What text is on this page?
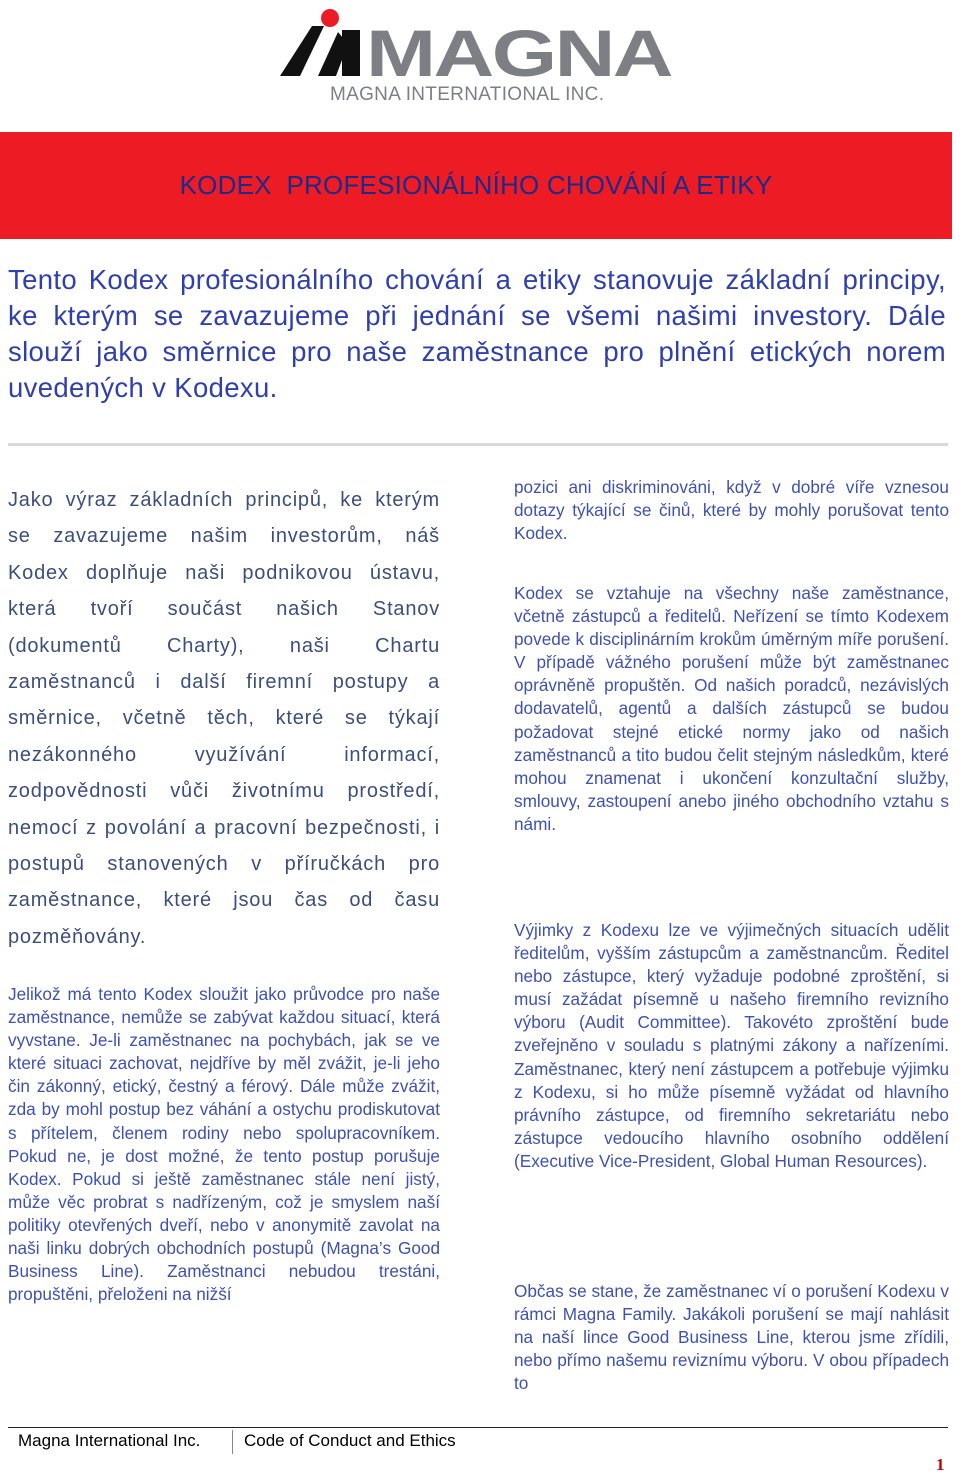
MAGNA
MAGNA INTERNATIONAL INC.
KODEX  PROFESIONÁLNÍHO CHOVÁNÍ A ETIKY
Tento Kodex profesionálního chování a etiky stanovuje základní principy, ke kterým se zavazujeme při jednání se všemi našimi investory. Dále slouží jako směrnice pro naše zaměstnance pro plnění etických norem uvedených v Kodexu.
Jako výraz základních principů, ke kterým se zavazujeme našim investorům, náš Kodex doplňuje naši podnikovou ústavu, která tvoří součást našich Stanov (dokumentů Charty), naši Chartu zaměstnanců i další firemní postupy a směrnice, včetně těch, které se týkají nezákonného využívání informací, zodpovědnosti vůči životnímu prostředí, nemocí z povolání a pracovní bezpečnosti, i postupů stanovených v příručkách pro zaměstnance, které jsou čas od času pozměňovány.
Jelikož má tento Kodex sloužit jako průvodce pro naše zaměstnance, nemůže se zabývat každou situací, která vyvstane. Je-li zaměstnanec na pochybách, jak se ve které situaci zachovat, nejdříve by měl zvážit, je-li jeho čin zákonný, etický, čestný a férový. Dále může zvážit, zda by mohl postup bez váhání a ostychu prodiskutovat s přítelem, členem rodiny nebo spolupracovníkem. Pokud ne, je dost možné, že tento postup porušuje Kodex. Pokud si ještě zaměstnanec stále není jistý, může věc probrat s nadřízeným, což je smyslem naší politiky otevřených dveří, nebo v anonymitě zavolat na naši linku dobrých obchodních postupů (Magna’s Good Business Line). Zaměstnanci nebudou trestáni, propuštěni, přeloženi na nižší

pozici ani diskriminováni, když v dobré víře vznesou dotazy týkající se činů, které by mohly porušovat tento Kodex.

Kodex se vztahuje na všechny naše zaměstnance, včetně zástupců a ředitelů. Neřízení se tímto Kodexem povede k disciplinárním krokům úměrným míře porušení. V případě vážného porušení může být zaměstnanec oprávněně propuštěn. Od našich poradců, nezávislých dodavatelů, agentů a dalších zástupců se budou požadovat stejné etické normy jako od našich zaměstnanců a tito budou čelit stejným následkům, které mohou znamenat i ukončení konzultační služby, smlouvy, zastoupení anebo jiného obchodního vztahu s námi.

Výjimky z Kodexu lze ve výjimečných situacích udělit ředitelům, vyšším zástupcům a zaměstnancům. Ředitel nebo zástupce, který vyžaduje podobné zproštění, si musí zažádat písemně u našeho firemního revizního výboru (Audit Committee). Takovéto zproštění bude zveřejněno v souladu s platnými zákony a nařízeními. Zaměstnanec, který není zástupcem a potřebuje výjimku z Kodexu, si ho může písemně vyžádat od hlavního právního zástupce, od firemního sekretariátu nebo zástupce vedoucího hlavního osobního oddělení (Executive Vice-President, Global Human Resources).

Občas se stane, že zaměstnanec ví o porušení Kodexu v rámci Magna Family. Jakákoli porušení se mají nahlásit na naší lince Good Business Line, kterou jsme zřídili, nebo přímo našemu reviznímu výboru. V obou případech to

Magna International Inc.	Code of Conduct and Ethics
1
